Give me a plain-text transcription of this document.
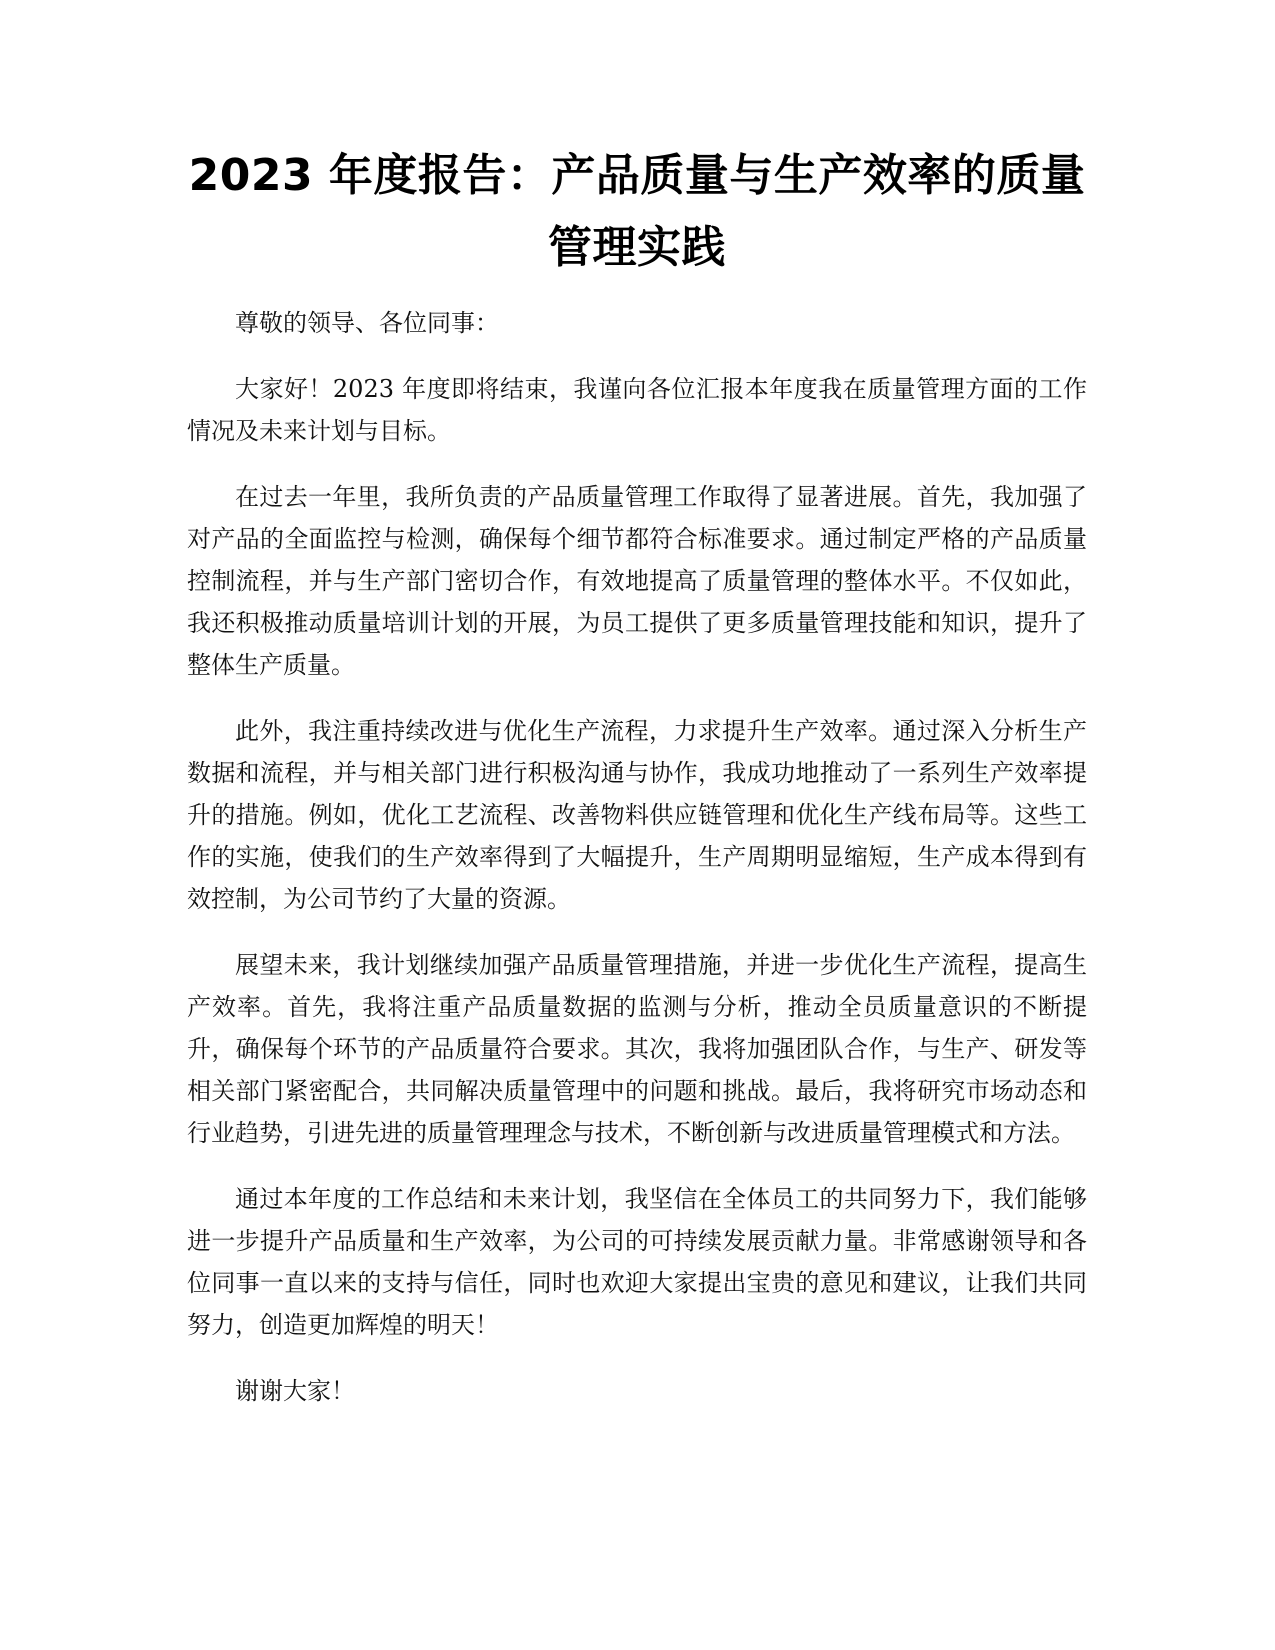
2023 年度报告：产品质量与生产效率的质量
管理实践

尊敬的领导、各位同事：

大家好！2023 年度即将结束，我谨向各位汇报本年度我在质量管理方面的工作情况及未来计划与目标。

在过去一年里，我所负责的产品质量管理工作取得了显著进展。首先，我加强了对产品的全面监控与检测，确保每个细节都符合标准要求。通过制定严格的产品质量控制流程，并与生产部门密切合作，有效地提高了质量管理的整体水平。不仅如此，我还积极推动质量培训计划的开展，为员工提供了更多质量管理技能和知识，提升了整体生产质量。

此外，我注重持续改进与优化生产流程，力求提升生产效率。通过深入分析生产数据和流程，并与相关部门进行积极沟通与协作，我成功地推动了一系列生产效率提升的措施。例如，优化工艺流程、改善物料供应链管理和优化生产线布局等。这些工作的实施，使我们的生产效率得到了大幅提升，生产周期明显缩短，生产成本得到有效控制，为公司节约了大量的资源。

展望未来，我计划继续加强产品质量管理措施，并进一步优化生产流程，提高生产效率。首先，我将注重产品质量数据的监测与分析，推动全员质量意识的不断提升，确保每个环节的产品质量符合要求。其次，我将加强团队合作，与生产、研发等相关部门紧密配合，共同解决质量管理中的问题和挑战。最后，我将研究市场动态和行业趋势，引进先进的质量管理理念与技术，不断创新与改进质量管理模式和方法。

通过本年度的工作总结和未来计划，我坚信在全体员工的共同努力下，我们能够进一步提升产品质量和生产效率，为公司的可持续发展贡献力量。非常感谢领导和各位同事一直以来的支持与信任，同时也欢迎大家提出宝贵的意见和建议，让我们共同努力，创造更加辉煌的明天！

谢谢大家！
